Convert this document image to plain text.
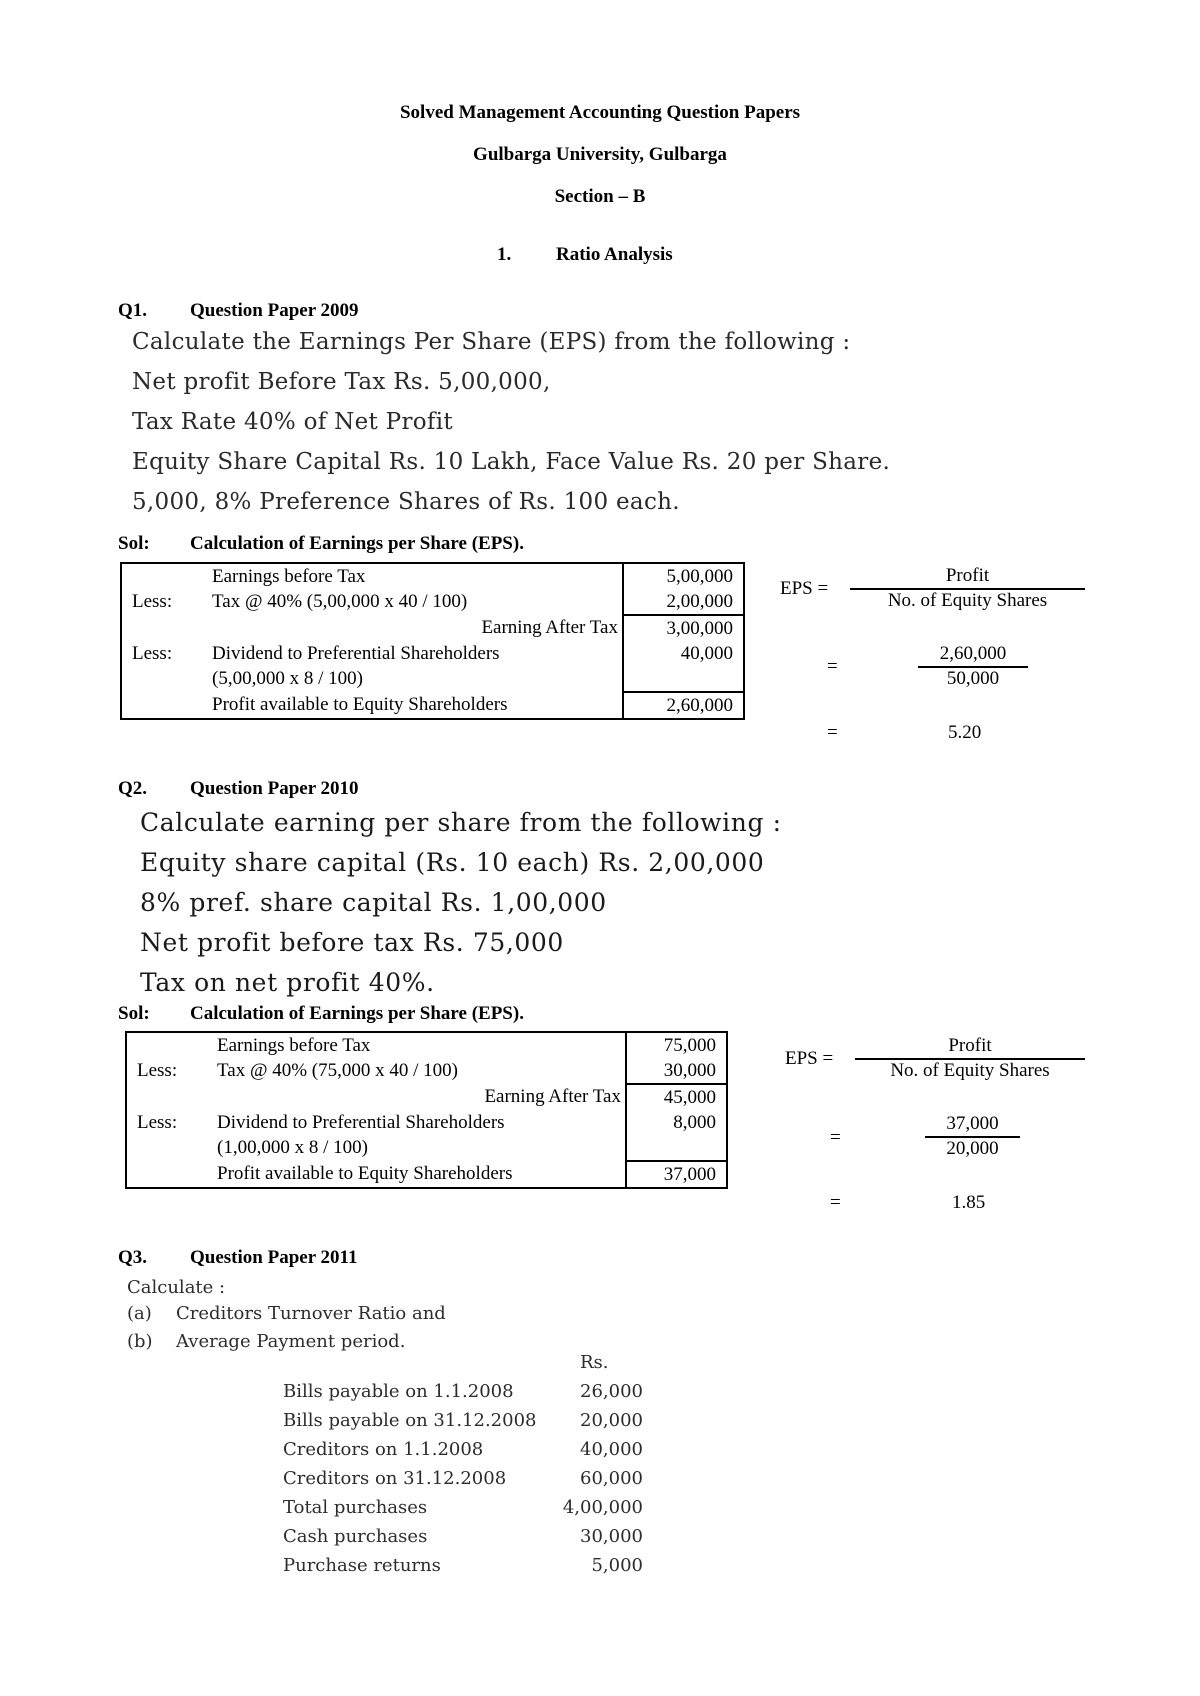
Solved Management Accounting Question Papers
Gulbarga University, Gulbarga
Section – B
1. Ratio Analysis
Q1. Question Paper 2009
Calculate the Earnings Per Share (EPS) from the following :
Net profit Before Tax Rs. 5,00,000,
Tax Rate 40% of Net Profit
Equity Share Capital Rs. 10 Lakh, Face Value Rs. 20 per Share.
5,000, 8% Preference Shares of Rs. 100 each.
Sol: Calculation of Earnings per Share (EPS).
	Earnings before Tax	5,00,000
Less:	Tax @ 40% (5,00,000 x 40 / 100)	2,00,000
	Earning After Tax	3,00,000
Less:	Dividend to Preferential Shareholders	40,000
	(5,00,000 x 8 / 100)	
	Profit available to Equity Shareholders	2,60,000
EPS =
Profit
No. of Equity Shares
=	$\frac{2,60,000}{50,000}$
=	5.20
Q2. Question Paper 2010
Calculate earning per share from the following :
Equity share capital (Rs. 10 each) Rs. 2,00,000
8% pref. share capital Rs. 1,00,000
Net profit before tax Rs. 75,000
Tax on net profit 40%.
Sol: Calculation of Earnings per Share (EPS).
	Earnings before Tax	75,000
Less:	Tax @ 40% (75,000 x 40 / 100)	30,000
	Earning After Tax	45,000
Less:	Dividend to Preferential Shareholders	8,000
	(1,00,000 x 8 / 100)	
	Profit available to Equity Shareholders	37,000
EPS =
Profit
No. of Equity Shares
=	$\frac{37,000}{20,000}$
=	1.85
Q3. Question Paper 2011
Calculate :
(a) Creditors Turnover Ratio and
(b) Average Payment period.
Rs.
Bills payable on 1.1.2008	26,000
Bills payable on 31.12.2008	20,000
Creditors on 1.1.2008	40,000
Creditors on 31.12.2008	60,000
Total purchases	4,00,000
Cash purchases	30,000
Purchase returns	5,000
